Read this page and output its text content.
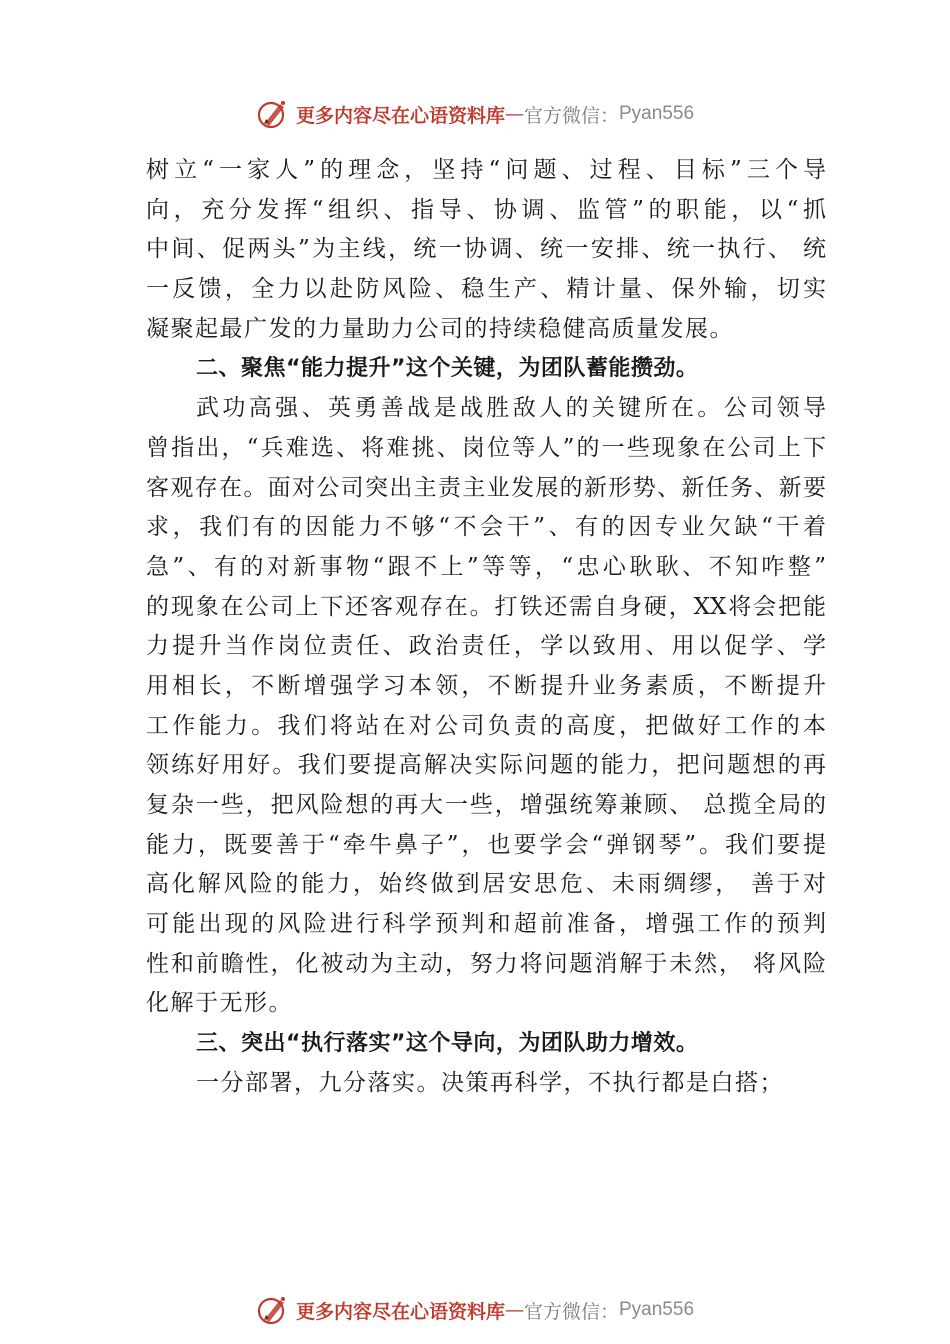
更多内容尽在心语资料库 — 官方微信： Pyan556
树立“一家人”的理念，坚持“问题、过程、目标”三个导
向，充分发挥“组织、指导、协调、监管”的职能，以“抓
中间、促两头”为主线，统一协调、统一安排、统一执行、 统
一反馈，全力以赴防风险、稳生产、精计量、保外输，切实
凝聚起最广发的力量助力公司的持续稳健高质量发展。
二、聚焦“能力提升”这个关键，为团队蓄能攒劲。
武功高强、英勇善战是战胜敌人的关键所在。公司领导
曾指出，“兵难选、将难挑、岗位等人”的一些现象在公司上下
客观存在。面对公司突出主责主业发展的新形势、新任务、新要
求，我们有的因能力不够“不会干”、有的因专业欠缺“干着
急”、有的对新事物“跟不上”等等，“忠心耿耿、不知咋整”
的现象在公司上下还客观存在。打铁还需自身硬，XX将会把能
力提升当作岗位责任、政治责任，学以致用、用以促学、学
用相长，不断增强学习本领，不断提升业务素质，不断提升
工作能力。我们将站在对公司负责的高度，把做好工作的本
领练好用好。我们要提高解决实际问题的能力，把问题想的再
复杂一些，把风险想的再大一些，增强统筹兼顾、 总揽全局的
能力，既要善于“牵牛鼻子”，也要学会“弹钢琴”。我们要提
高化解风险的能力，始终做到居安思危、未雨绸缪， 善于对
可能出现的风险进行科学预判和超前准备，增强工作的预判
性和前瞻性，化被动为主动，努力将问题消解于未然， 将风险
化解于无形。
三、突出“执行落实”这个导向，为团队助力增效。
一分部署，九分落实。决策再科学，不执行都是白搭；
更多内容尽在心语资料库 — 官方微信： Pyan556
